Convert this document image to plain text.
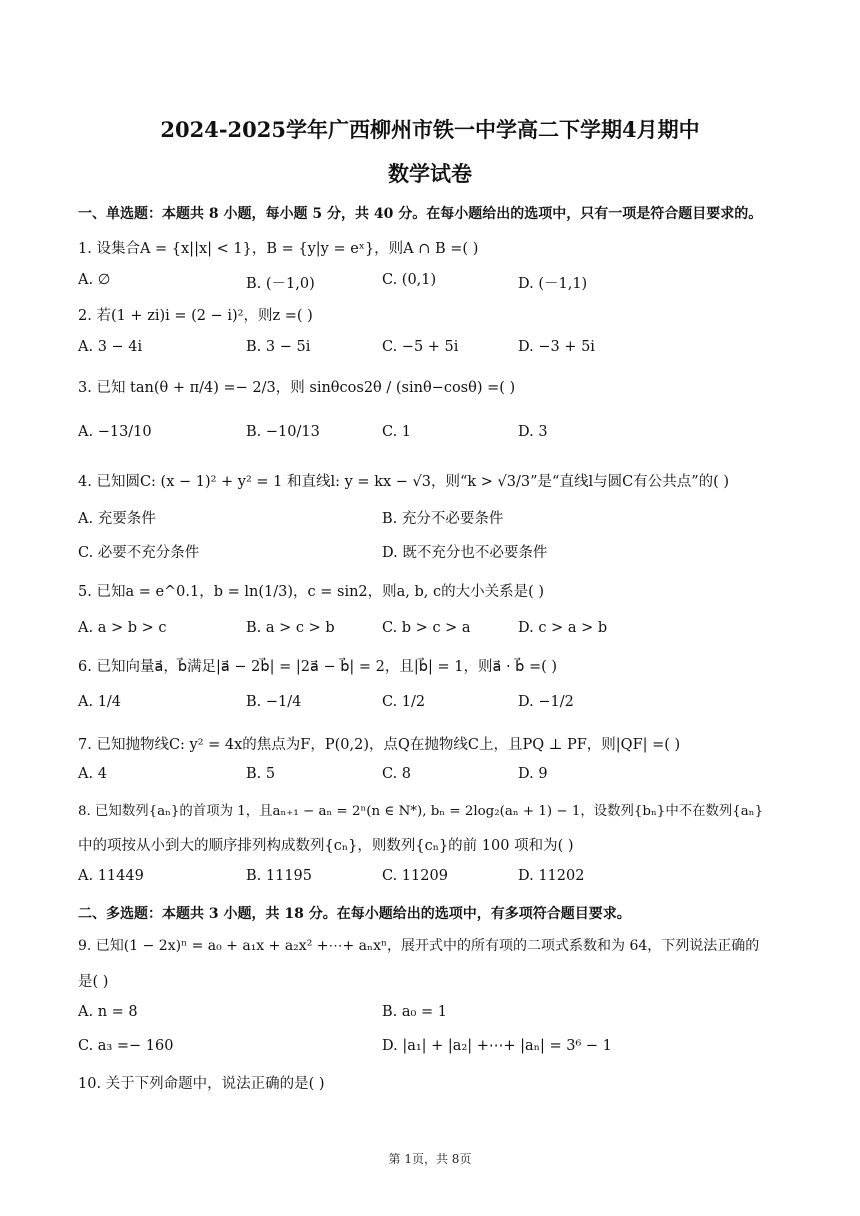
2024-2025学年广西柳州市铁一中学高二下学期4月期中
数学试卷
一、单选题：本题共 8 小题，每小题 5 分，共 40 分。在每小题给出的选项中，只有一项是符合题目要求的。
1. 设集合A = {x||x| < 1}，B = {y|y = eˣ}，则A ∩ B =( )
A. ∅	B. (－1,0)	C. (0,1)	D. (－1,1)
2. 若(1 + zi)i = (2 − i)²，则z =( )
A. 3 − 4i	B. 3 − 5i	C. −5 + 5i	D. −3 + 5i
3. 已知 tan(θ + π/4) =− 2/3，则 sinθcos2θ / (sinθ−cosθ) =( )
A. −13/10	B. −10/13	C. 1	D. 3
4. 已知圆C: (x − 1)² + y² = 1 和直线l: y = kx − √3，则“k > √3/3”是“直线l与圆C有公共点”的( )
A. 充要条件	B. 充分不必要条件
C. 必要不充分条件	D. 既不充分也不必要条件
5. 已知a = e^0.1，b = ln(1/3)，c = sin2，则a, b, c的大小关系是( )
A. a > b > c	B. a > c > b	C. b > c > a	D. c > a > b
6. 已知向量a⃗，b⃗满足|a⃗ − 2b⃗| = |2a⃗ − b⃗| = 2，且|b⃗| = 1，则a⃗ · b⃗ =( )
A. 1/4	B. −1/4	C. 1/2	D. −1/2
7. 已知抛物线C: y² = 4x的焦点为F，P(0,2)，点Q在抛物线C上，且PQ ⊥ PF，则|QF| =( )
A. 4	B. 5	C. 8	D. 9
8. 已知数列{aₙ}的首项为 1，且aₙ₊₁ − aₙ = 2ⁿ(n ∈ N*), bₙ = 2log₂(aₙ + 1) − 1，设数列{bₙ}中不在数列{aₙ}
中的项按从小到大的顺序排列构成数列{cₙ}，则数列{cₙ}的前 100 项和为( )
A. 11449	B. 11195	C. 11209	D. 11202
二、多选题：本题共 3 小题，共 18 分。在每小题给出的选项中，有多项符合题目要求。
9. 已知(1 − 2x)ⁿ = a₀ + a₁x + a₂x² +⋯+ aₙxⁿ，展开式中的所有项的二项式系数和为 64，下列说法正确的
是( )
A. n = 8	B. a₀ = 1
C. a₃ =− 160	D. |a₁| + |a₂| +⋯+ |aₙ| = 3⁶ − 1
10. 关于下列命题中，说法正确的是( )
第 1页，共 8页
